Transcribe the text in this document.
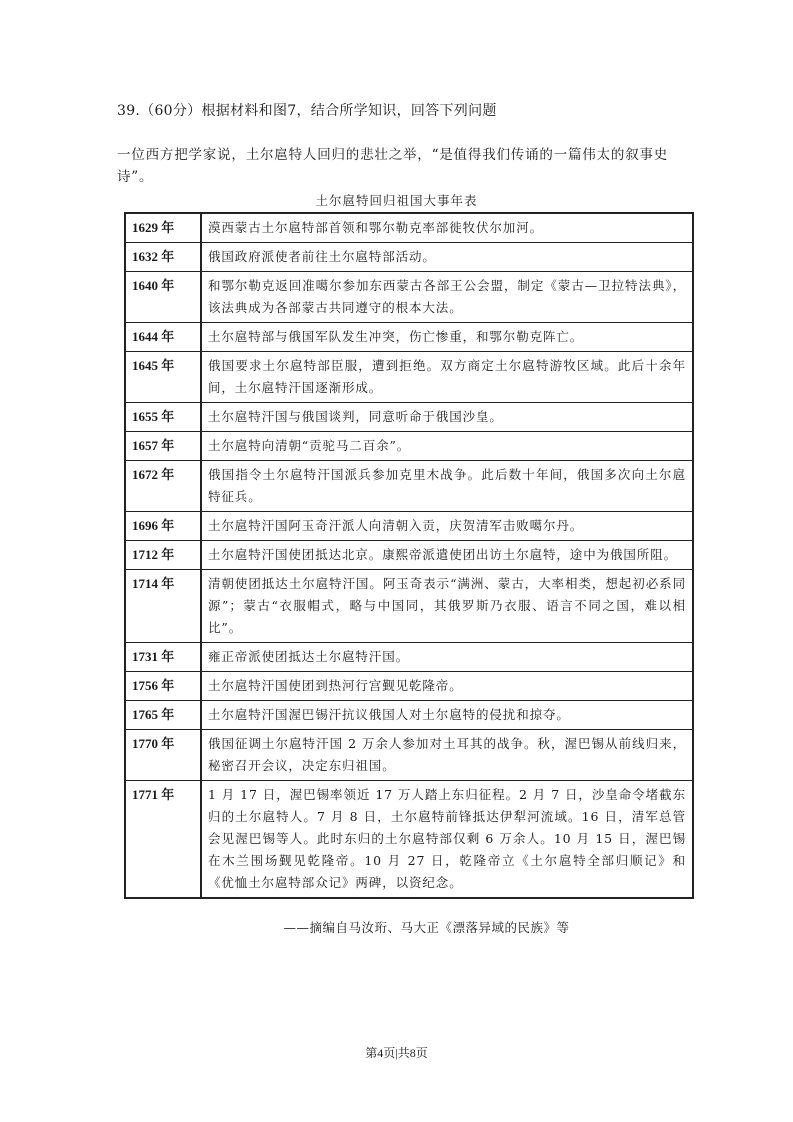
39.（60分）根据材料和图7，结合所学知识，回答下列问题
一位西方把学家说，土尔扈特人回归的悲壮之举，“是值得我们传诵的一篇伟太的叙事史诗”。
土尔扈特回归祖国大事年表
1629 年	漠西蒙古土尔扈特部首领和鄂尔勒克率部徙牧伏尔加河。
1632 年	俄国政府派使者前往土尔扈特部活动。
1640 年	和鄂尔勒克返回准噶尔参加东西蒙古各部王公会盟，制定《蒙古—卫拉特法典》，该法典成为各部蒙古共同遵守的根本大法。
1644 年	土尔扈特部与俄国军队发生冲突，伤亡惨重，和鄂尔勒克阵亡。
1645 年	俄国要求土尔扈特部臣服，遭到拒绝。双方商定土尔扈特游牧区域。此后十余年间，土尔扈特汗国逐渐形成。
1655 年	土尔扈特汗国与俄国谈判，同意听命于俄国沙皇。
1657 年	土尔扈特向清朝“贡驼马二百余”。
1672 年	俄国指令土尔扈特汗国派兵参加克里木战争。此后数十年间，俄国多次向土尔扈特征兵。
1696 年	土尔扈特汗国阿玉奇汗派人向清朝入贡，庆贺清军击败噶尔丹。
1712 年	土尔扈特汗国使团抵达北京。康熙帝派遣使团出访土尔扈特，途中为俄国所阻。
1714 年	清朝使团抵达土尔扈特汗国。阿玉奇表示“满洲、蒙古，大率相类，想起初必系同源”；蒙古“衣服帽式，略与中国同，其俄罗斯乃衣服、语言不同之国，难以相比”。
1731 年	雍正帝派使团抵达土尔扈特汗国。
1756 年	土尔扈特汗国使团到热河行宫觐见乾隆帝。
1765 年	土尔扈特汗国渥巴锡汗抗议俄国人对土尔扈特的侵扰和掠夺。
1770 年	俄国征调土尔扈特汗国 2 万余人参加对土耳其的战争。秋，渥巴锡从前线归来，秘密召开会议，决定东归祖国。
1771 年	1 月 17 日，渥巴锡率领近 17 万人踏上东归征程。2 月 7 日，沙皇命令堵截东归的土尔扈特人。7 月 8 日，土尔扈特前锋抵达伊犁河流域。16 日，清军总管会见渥巴锡等人。此时东归的土尔扈特部仅剩 6 万余人。10 月 15 日，渥巴锡在木兰围场觐见乾隆帝。10 月 27 日，乾隆帝立《土尔扈特全部归顺记》和《优恤土尔扈特部众记》两碑，以资纪念。
——摘编自马汝珩、马大正《漂落异域的民族》等
第4页|共8页
